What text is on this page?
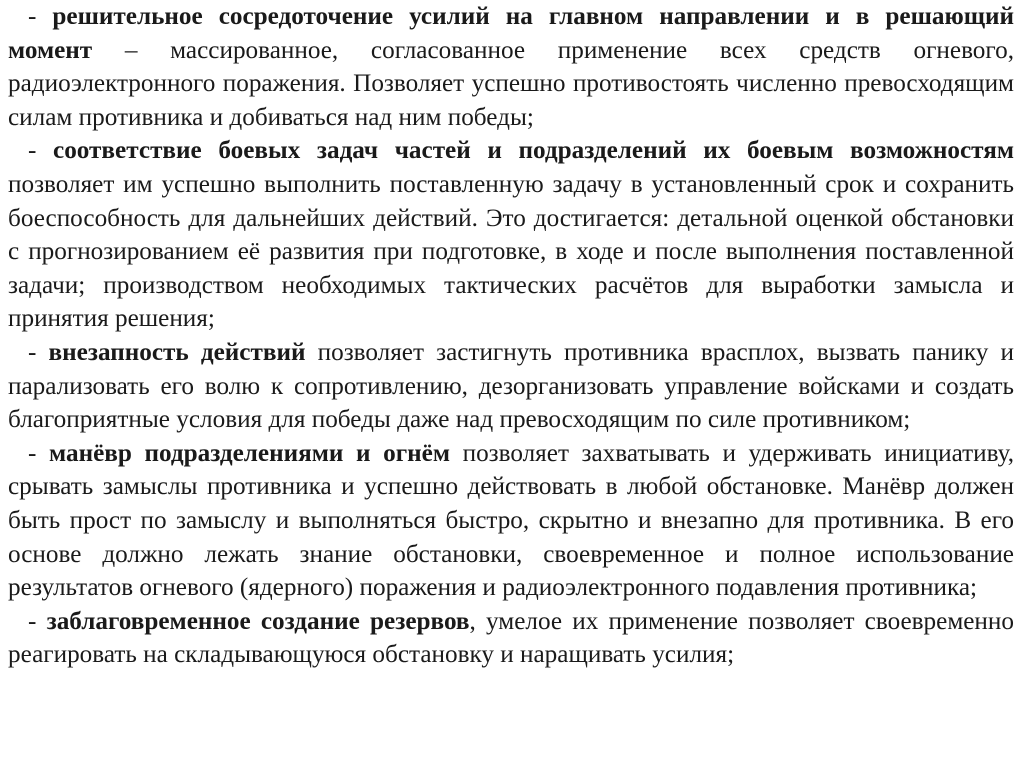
- решительное сосредоточение усилий на главном направлении и в решающий момент – массированное, согласованное применение всех средств огневого, радиоэлектронного поражения. Позволяет успешно противостоять численно превосходящим силам противника и добиваться над ним победы;

- соответствие боевых задач частей и подразделений их боевым возможностям позволяет им успешно выполнить поставленную задачу в установленный срок и сохранить боеспособность для дальнейших действий. Это достигается: детальной оценкой обстановки с прогнозированием её развития при подготовке, в ходе и после выполнения поставленной задачи; производством необходимых тактических расчётов для выработки замысла и принятия решения;

- внезапность действий позволяет застигнуть противника врасплох, вызвать панику и парализовать его волю к сопротивлению, дезорганизовать управление войсками и создать благоприятные условия для победы даже над превосходящим по силе противником;

- манёвр подразделениями и огнём позволяет захватывать и удерживать инициативу, срывать замыслы противника и успешно действовать в любой обстановке. Манёвр должен быть прост по замыслу и выполняться быстро, скрытно и внезапно для противника. В его основе должно лежать знание обстановки, своевременное и полное использование результатов огневого (ядерного) поражения и радиоэлектронного подавления противника;

- заблаговременное создание резервов, умелое их применение позволяет своевременно реагировать на складывающуюся обстановку и наращивать усилия;
